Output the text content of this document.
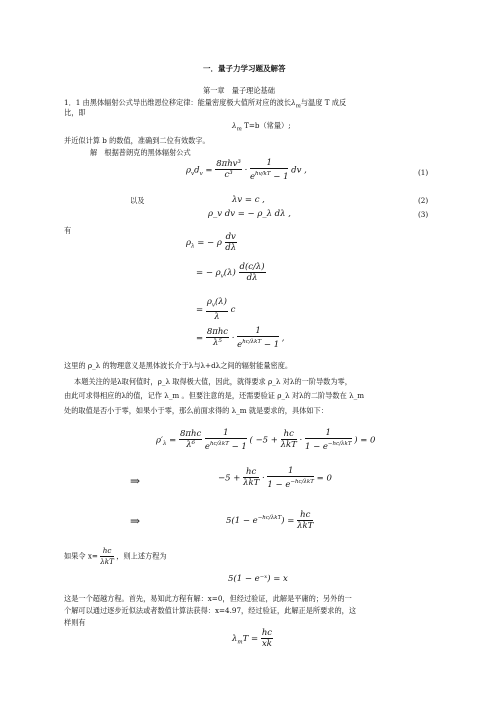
一．量子力学习题及解答
第一章　量子理论基础
1．1 由黑体辐射公式导出维恩位移定律：能量密度极大值所对应的波长$\lambda_m$与温度 T 成反
比，即
$\lambda_m$ T=b（常量）;
并近似计算 b 的数值，准确到二位有效数字。
解　根据普朗克的黑体辐射公式
$\rho_vd_v = \frac{\text{8πhv³}}{\text{c³}} \cdot \frac{1}{e^{hv/kT} - 1}$ dv ,	(1)
以及	λv = c ,	(2)
ρ_v dv = − ρ_λ dλ ,	(3)
有
$\rho_\lambda$ = − ρ $\frac{dv}{d\lambda}$
= − $\rho_v(\lambda) \frac{d(c/\lambda)}{d\lambda}$
= $\frac{\rho_v(\lambda)}{\lambda}$ c
= $\frac{\text{8πhc}}{\text{λ⁵}} \cdot \frac{1}{e^{hc/\lambda kT} - 1}$ ,
这里的 ρ_λ 的物理意义是黑体波长介于λ与λ+dλ之间的辐射能量密度。
本题关注的是λ取何值时，ρ_λ 取得极大值，因此，就得要求 ρ_λ 对λ的一阶导数为零，
由此可求得相应的λ的值，记作 λ_m 。但要注意的是，还需要验证 ρ_λ 对λ的二阶导数在 λ_m
处的取值是否小于零，如果小于零，那么前面求得的 λ_m 就是要求的，具体如下：
$\rho'_\lambda = \frac{\text{8πhc}}{\text{λ⁶}}$
$\frac{1}{e^{hc/\lambda kT} - 1}$ ( $-5 + \frac{hc}{\text{λkT}} \cdot \frac{1}{1 - e^{-hc/\lambda kT}}$ ) = 0
⇒	$-5 + \frac{hc}{\text{λkT}} \cdot \frac{1}{1 - e^{-hc/\lambda kT}} = 0$
⇒	$5(1 - e^{-hc/\lambda kT}) = \frac{hc}{\text{λkT}}$
如果令 $x= \frac{hc}{\text{λkT}}$ ，则上述方程为
5(1 − e⁻ˣ) = x
这是一个超越方程。首先，易知此方程有解：x=0，但经过验证，此解是平庸的；另外的一
个解可以通过逐步近似法或者数值计算法获得：x=4.97，经过验证，此解正是所要求的，这
样则有
$\lambda_mT = \frac{hc}{xk}$
